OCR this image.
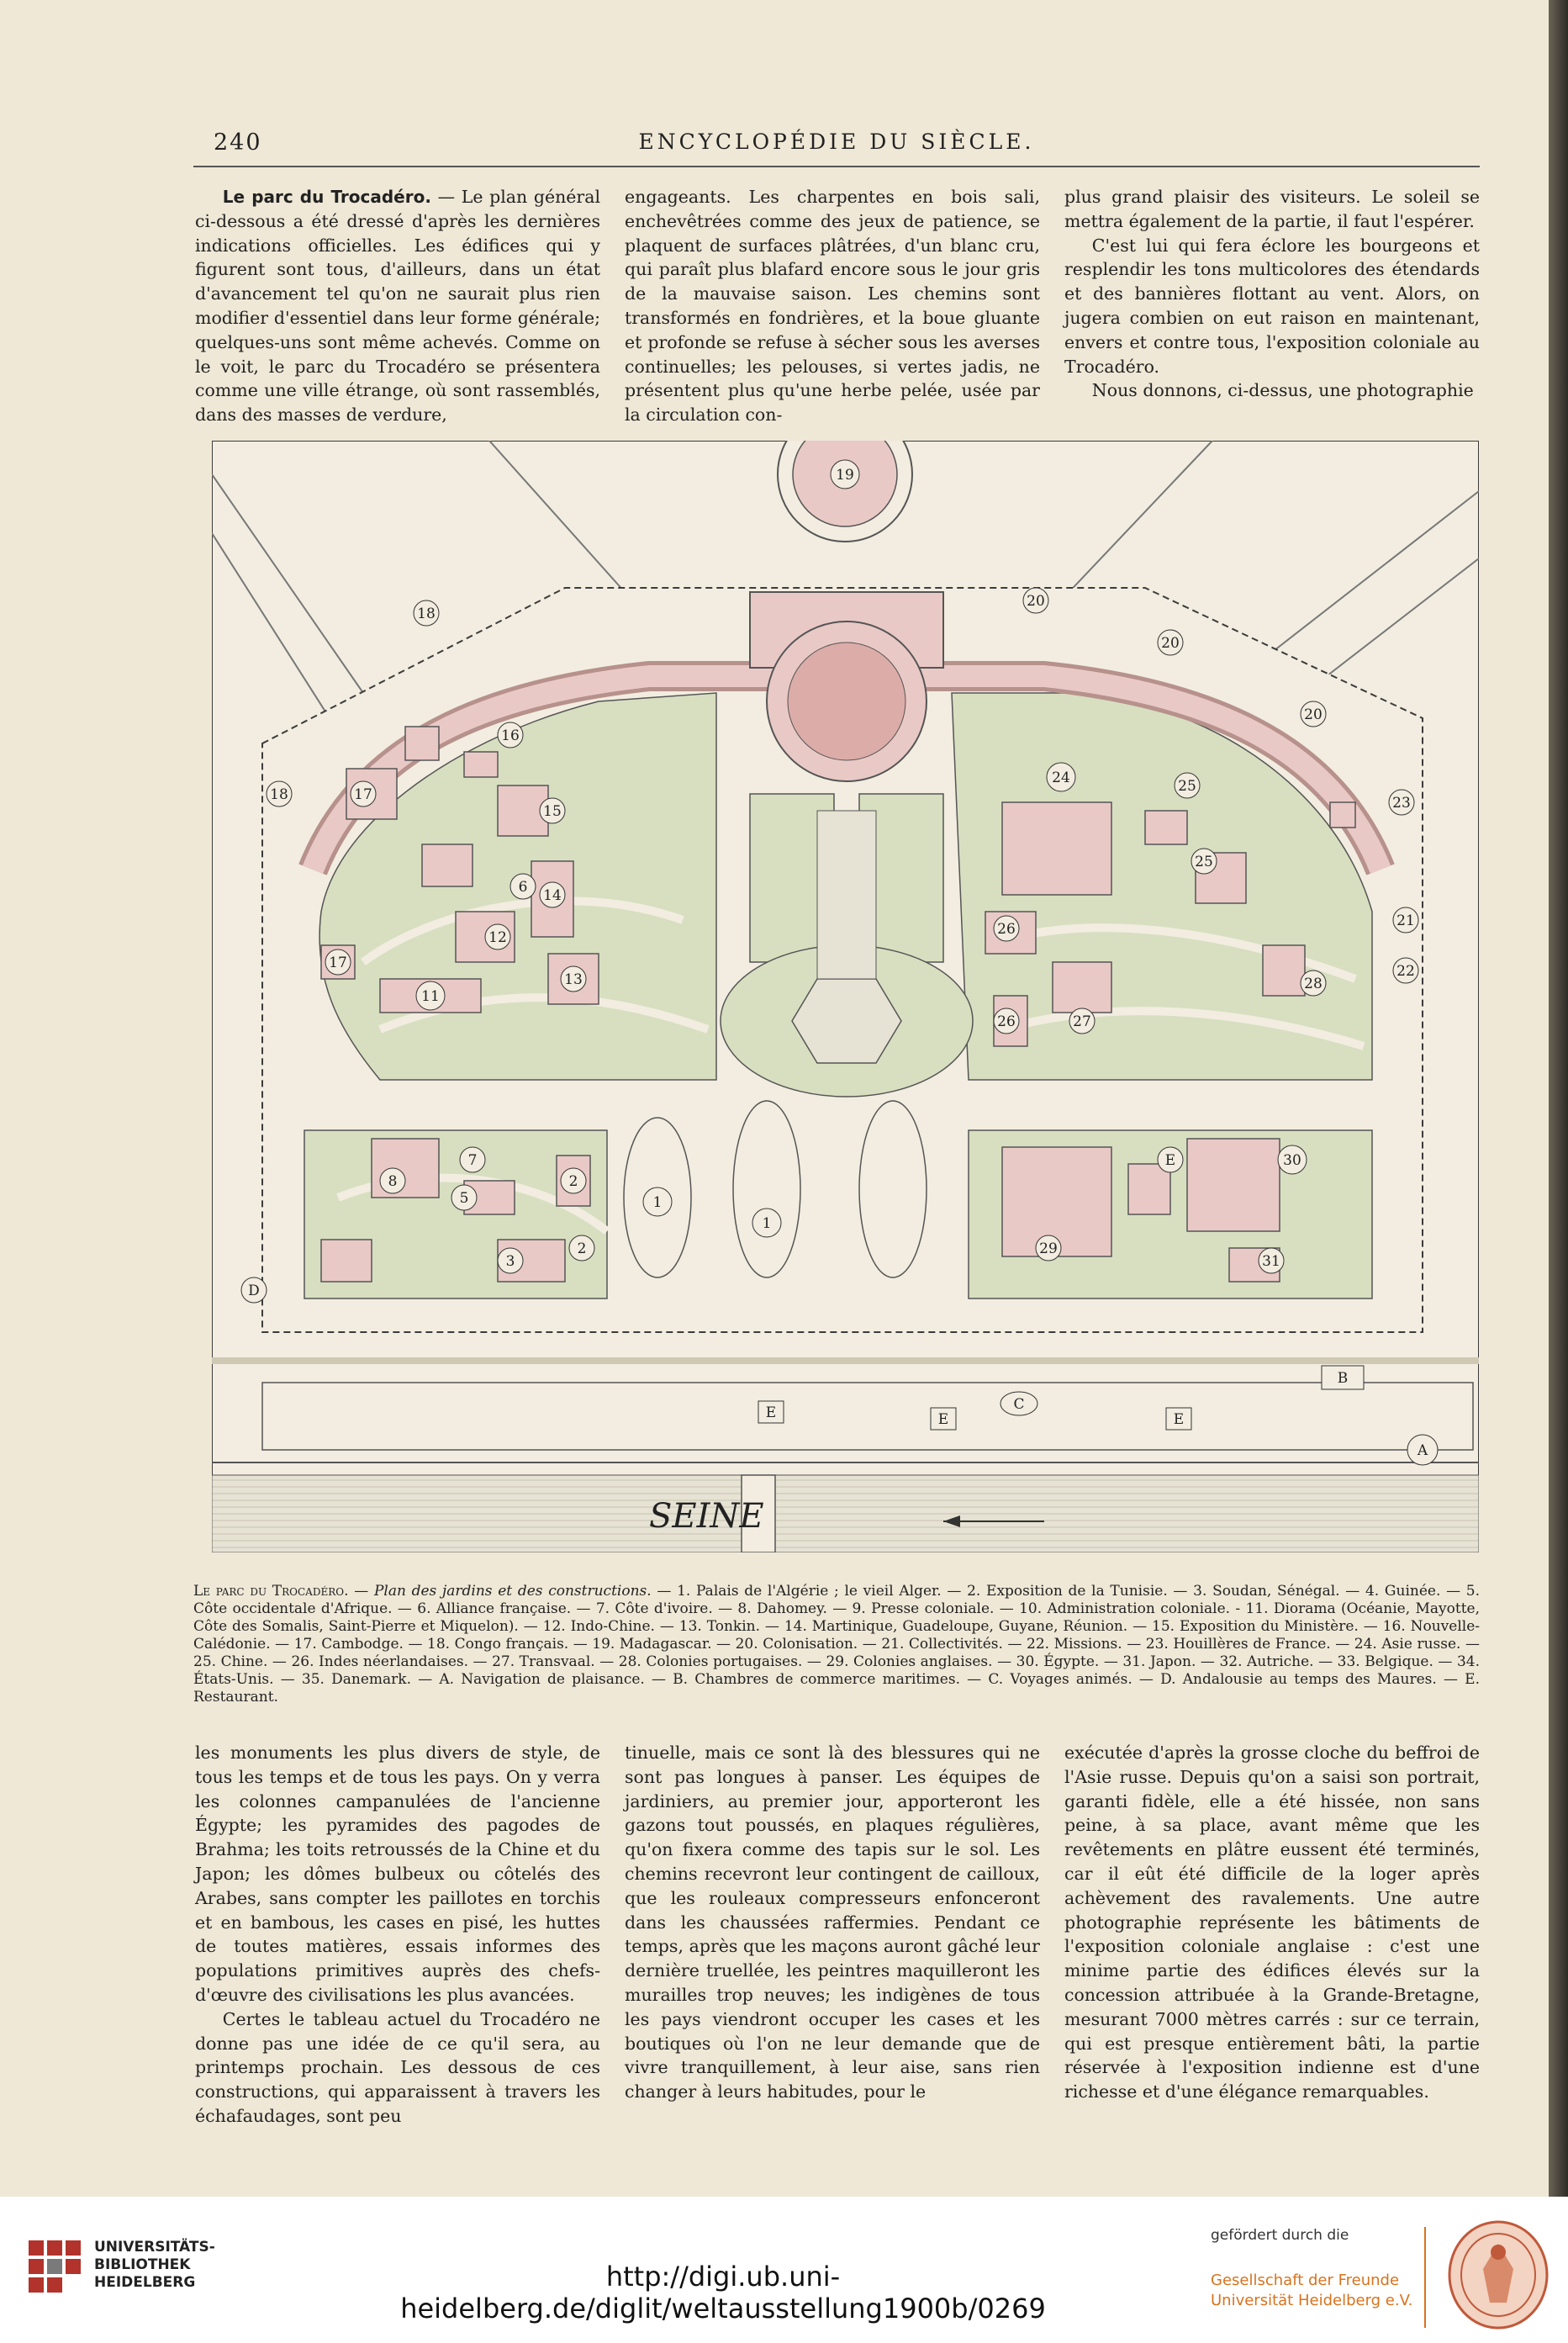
240	ENCYCLOPÉDIE DU SIÈCLE.

Le parc du Trocadéro. — Le plan général ci-dessous a été dressé d'après les dernières indications officielles. Les édifices qui y figurent sont tous, d'ailleurs, dans un état d'avancement tel qu'on ne saurait plus rien modifier d'essentiel dans leur forme générale; quelques-uns sont même achevés. Comme on le voit, le parc du Trocadéro se présentera comme une ville étrange, où sont rassemblés, dans des masses de verdure,

engageants. Les charpentes en bois sali, enchevêtrées comme des jeux de patience, se plaquent de surfaces plâtrées, d'un blanc cru, qui paraît plus blafard encore sous le jour gris de la mauvaise saison. Les chemins sont transformés en fondrières, et la boue gluante et profonde se refuse à sécher sous les averses continuelles; les pelouses, si vertes jadis, ne présentent plus qu'une herbe pelée, usée par la circulation con-

plus grand plaisir des visiteurs. Le soleil se mettra également de la partie, il faut l'espérer.

C'est lui qui fera éclore les bourgeons et resplendir les tons multicolores des étendards et des bannières flottant au vent. Alors, on jugera combien on eut raison en maintenant, envers et contre tous, l'exposition coloniale au Trocadéro.

Nous donnons, ci-dessus, une photographie

SEINE
1
1
2
2
3
5
6
7
8
11
12
13
14
15
16
17
17
18
18
19
20
20
20
21
22
23
24	25
25
26
26	27
28
29
30
31
B
C
D
E	E	E
E
A
Le parc du Trocadéro. — Plan des jardins et des constructions. — 1. Palais de l'Algérie ; le vieil Alger. — 2. Exposition de la Tunisie. — 3. Soudan, Sénégal. — 4. Guinée. — 5. Côte occidentale d'Afrique. — 6. Alliance française. — 7. Côte d'ivoire. — 8. Dahomey. — 9. Presse coloniale. — 10. Administration coloniale. - 11. Diorama (Océanie, Mayotte, Côte des Somalis, Saint-Pierre et Miquelon). — 12. Indo-Chine. — 13. Tonkin. — 14. Martinique, Guadeloupe, Guyane, Réunion. — 15. Exposition du Ministère. — 16. Nouvelle-Calédonie. — 17. Cambodge. — 18. Congo français. — 19. Madagascar. — 20. Colonisation. — 21. Collectivités. — 22. Missions. — 23. Houillères de France. — 24. Asie russe. — 25. Chine. — 26. Indes néerlandaises. — 27. Transvaal. — 28. Colonies portugaises. — 29. Colonies anglaises. — 30. Égypte. — 31. Japon. — 32. Autriche. — 33. Belgique. — 34. États-Unis. — 35. Danemark. — A. Navigation de plaisance. — B. Chambres de commerce maritimes. — C. Voyages animés. — D. Andalousie au temps des Maures. — E. Restaurant.

les monuments les plus divers de style, de tous les temps et de tous les pays. On y verra les colonnes campanulées de l'ancienne Égypte; les pyramides des pagodes de Brahma; les toits retroussés de la Chine et du Japon; les dômes bulbeux ou côtelés des Arabes, sans compter les paillotes en torchis et en bambous, les cases en pisé, les huttes de toutes matières, essais informes des populations primitives auprès des chefs-d'œuvre des civilisations les plus avancées.

Certes le tableau actuel du Trocadéro ne donne pas une idée de ce qu'il sera, au printemps prochain. Les dessous de ces constructions, qui apparaissent à travers les échafaudages, sont peu

tinuelle, mais ce sont là des blessures qui ne sont pas longues à panser. Les équipes de jardiniers, au premier jour, apporteront les gazons tout poussés, en plaques régulières, qu'on fixera comme des tapis sur le sol. Les chemins recevront leur contingent de cailloux, que les rouleaux compresseurs enfonceront dans les chaussées raffermies. Pendant ce temps, après que les maçons auront gâché leur dernière truellée, les peintres maquilleront les murailles trop neuves; les indigènes de tous les pays viendront occuper les cases et les boutiques où l'on ne leur demande que de vivre tranquillement, à leur aise, sans rien changer à leurs habitudes, pour le

exécutée d'après la grosse cloche du beffroi de l'Asie russe. Depuis qu'on a saisi son portrait, garanti fidèle, elle a été hissée, non sans peine, à sa place, avant même que les revêtements en plâtre eussent été terminés, car il eût été difficile de la loger après achèvement des ravalements. Une autre photographie représente les bâtiments de l'exposition coloniale anglaise : c'est une minime partie des édifices élevés sur la concession attribuée à la Grande-Bretagne, mesurant 7000 mètres carrés : sur ce terrain, qui est presque entièrement bâti, la partie réservée à l'exposition indienne est d'une richesse et d'une élégance remarquables.

UNIVERSITÄTS-
BIBLIOTHEK
HEIDELBERG	http://digi.ub.uni-heidelberg.de/diglit/weltausstellung1900b/0269
gefördert durch die
Gesellschaft der Freunde
Universität Heidelberg e.V.
